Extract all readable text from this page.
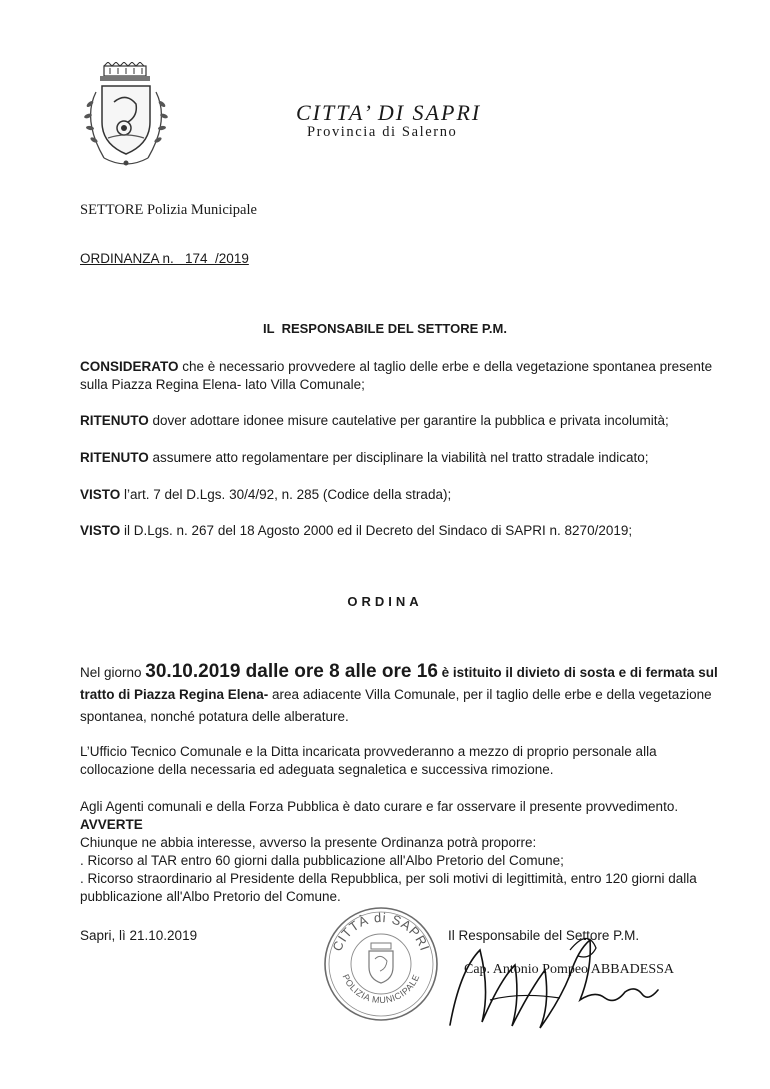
CITTA’ DI SAPRI
Provincia di Salerno
SETTORE Polizia Municipale
ORDINANZA n.   174  /2019
IL  RESPONSABILE DEL SETTORE P.M.
CONSIDERATO che è necessario provvedere al taglio delle erbe e della vegetazione spontanea presente sulla Piazza Regina Elena- lato Villa Comunale;
RITENUTO dover adottare idonee misure cautelative per garantire la pubblica e privata incolumità;
RITENUTO assumere atto regolamentare per disciplinare la viabilità nel tratto stradale indicato;
VISTO l’art. 7 del D.Lgs. 30/4/92, n. 285 (Codice della strada);
VISTO il D.Lgs. n. 267 del 18 Agosto 2000 ed il Decreto del Sindaco di SAPRI n. 8270/2019;
ORDINA
Nel giorno 30.10.2019 dalle ore 8 alle ore 16 è istituito il divieto di sosta e di fermata sul tratto di Piazza Regina Elena- area adiacente Villa Comunale, per il taglio delle erbe e della vegetazione spontanea, nonché potatura delle alberature.
L’Ufficio Tecnico Comunale e la Ditta incaricata provvederanno a mezzo di proprio personale alla collocazione della necessaria ed adeguata segnaletica e successiva rimozione.
Agli Agenti comunali e della Forza Pubblica è dato curare e far osservare il presente provvedimento.
AVVERTE
Chiunque ne abbia interesse, avverso la presente Ordinanza potrà proporre:
. Ricorso al TAR entro 60 giorni dalla pubblicazione all'Albo Pretorio del Comune;
. Ricorso straordinario al Presidente della Repubblica, per soli motivi di legittimità, entro 120 giorni dalla pubblicazione all'Albo Pretorio del Comune.
Sapri, lì 21.10.2019
CITTÀ di SAPRI
POLIZIA MUNICIPALE
Il Responsabile del Settore P.M.
Cap. Antonio Pompeo ABBADESSA
